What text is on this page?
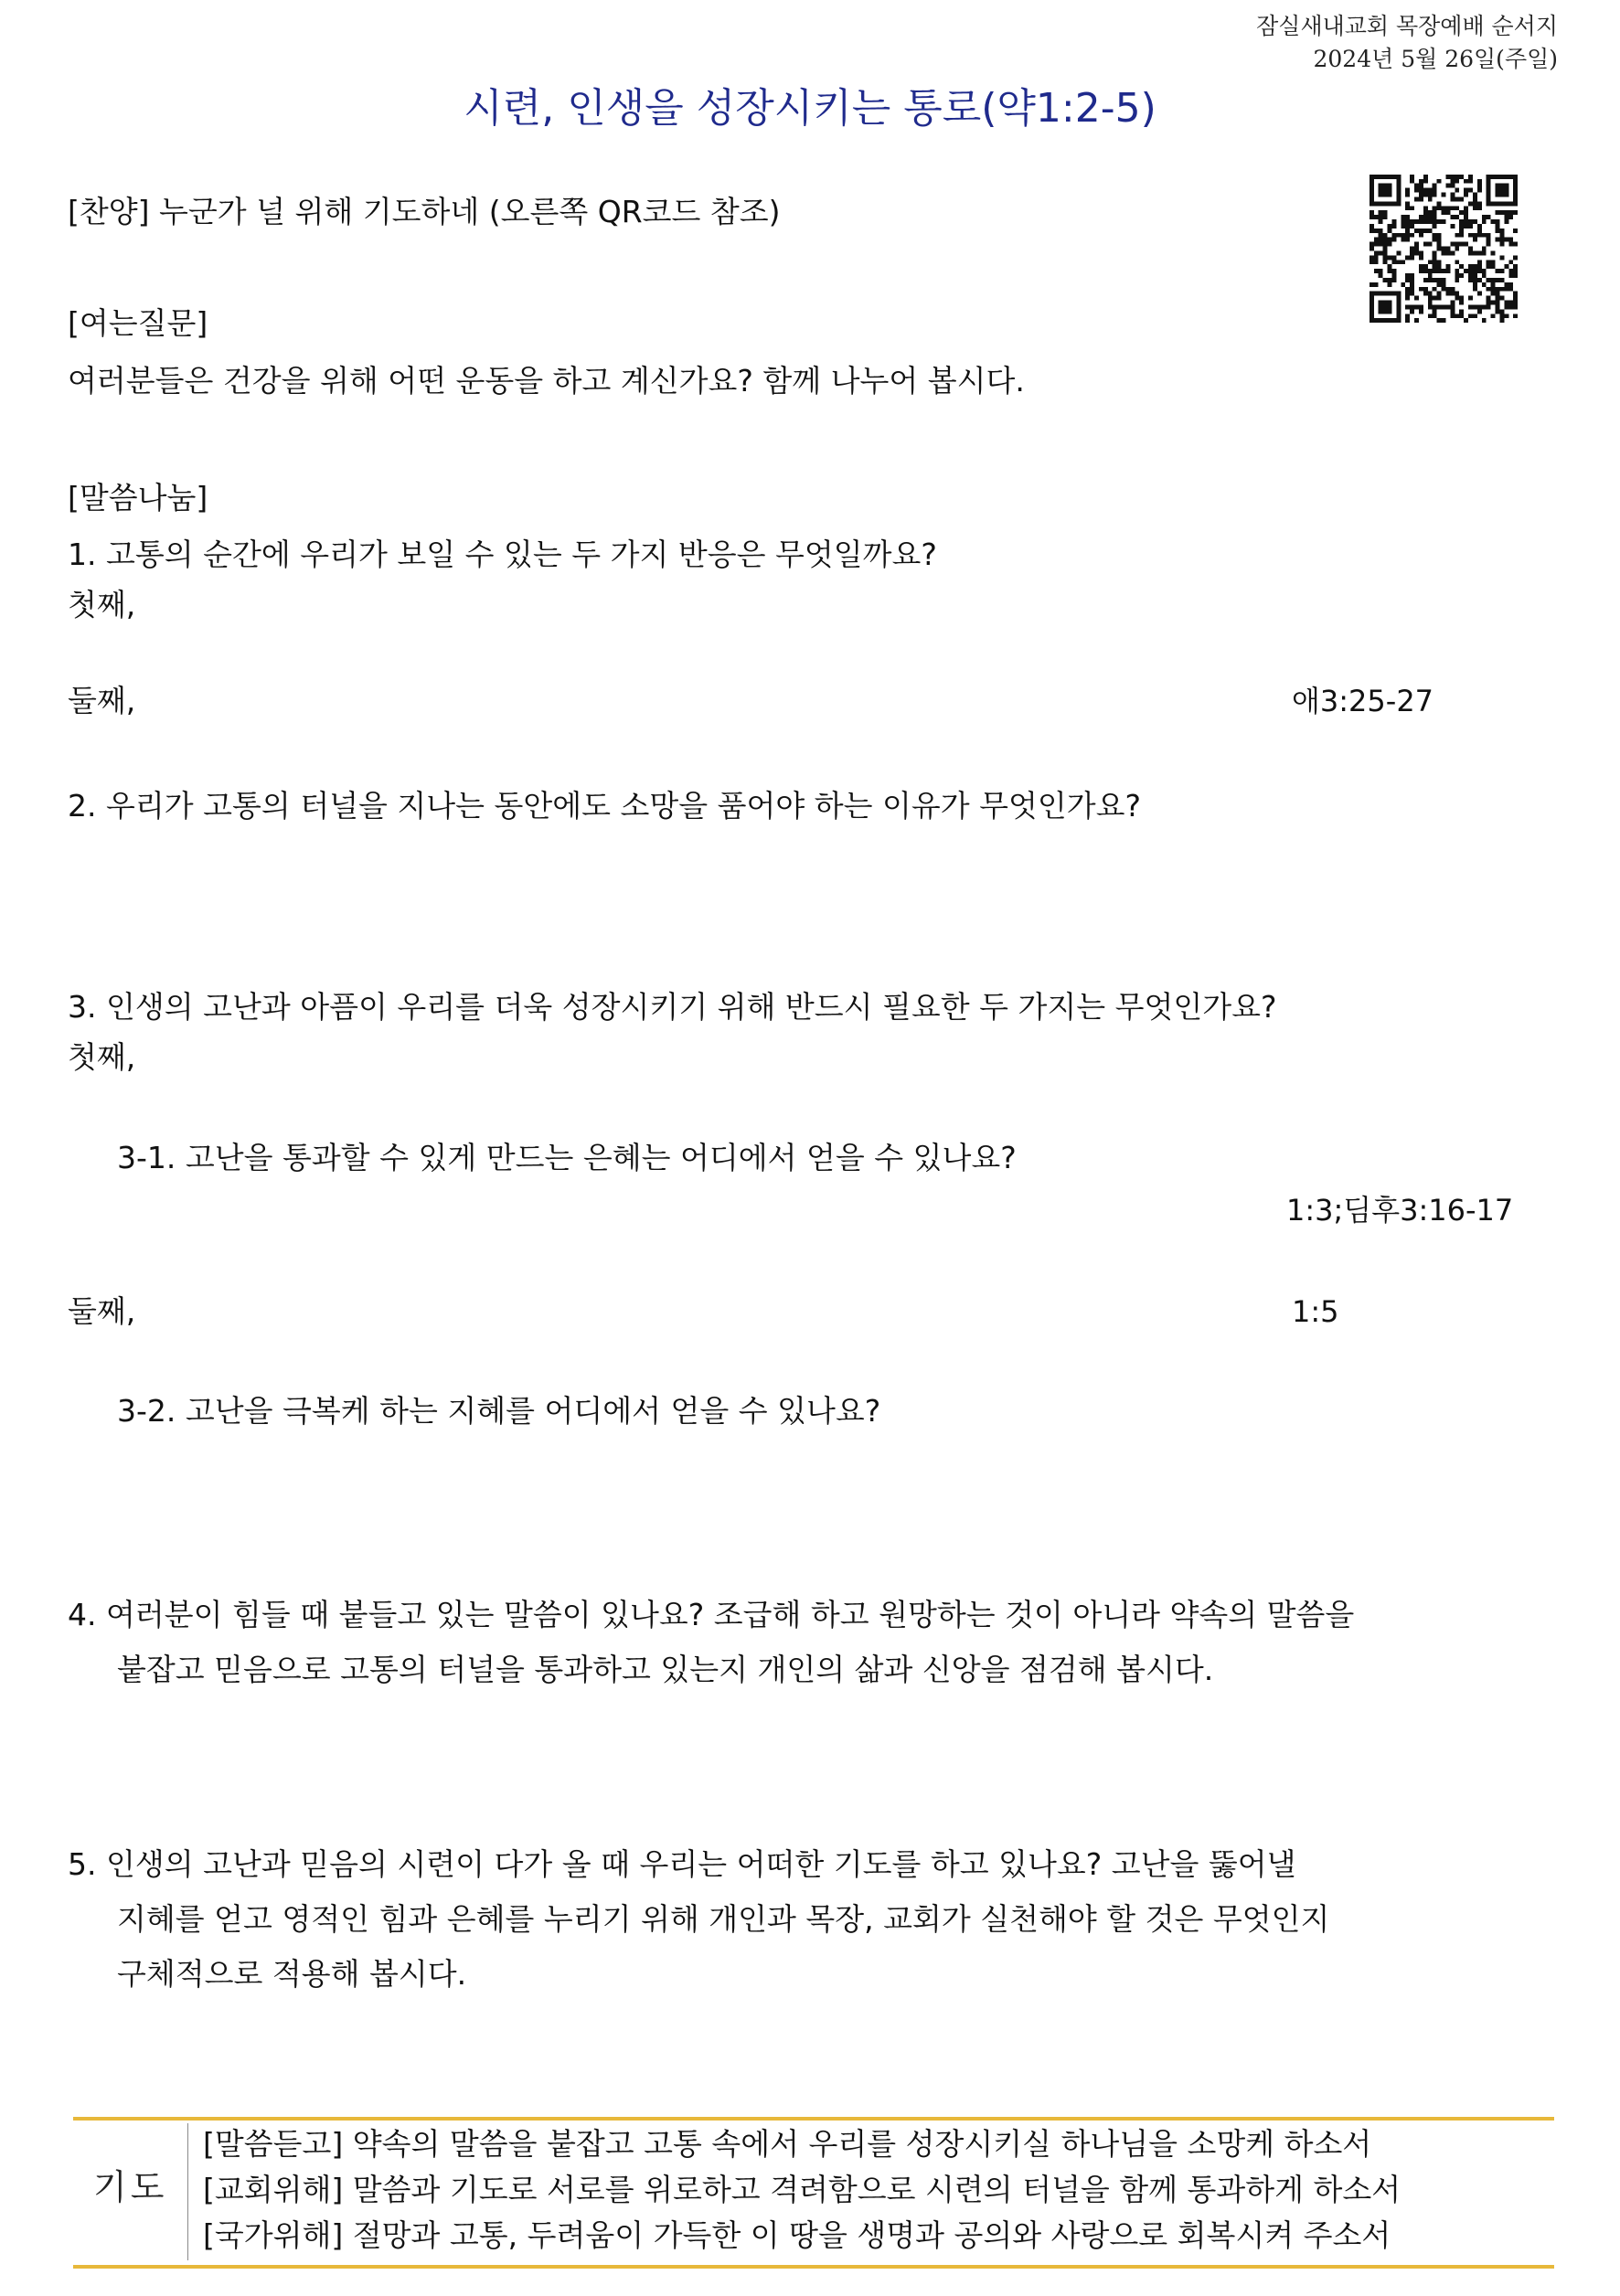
잠실새내교회 목장예배 순서지
2024년 5월 26일(주일)
시련, 인생을 성장시키는 통로(약1:2-5)
[찬양] 누군가 널 위해 기도하네 (오른쪽 QR코드 참조)
[여는질문]
여러분들은 건강을 위해 어떤 운동을 하고 계신가요? 함께 나누어 봅시다.
[말씀나눔]
1. 고통의 순간에 우리가 보일 수 있는 두 가지 반응은 무엇일까요?
첫째,
둘째,	애3:25-27
2. 우리가 고통의 터널을 지나는 동안에도 소망을 품어야 하는 이유가 무엇인가요?
3. 인생의 고난과 아픔이 우리를 더욱 성장시키기 위해 반드시 필요한 두 가지는 무엇인가요?
첫째,
3-1. 고난을 통과할 수 있게 만드는 은혜는 어디에서 얻을 수 있나요?
1:3;딤후3:16-17
둘째,	1:5
3-2. 고난을 극복케 하는 지혜를 어디에서 얻을 수 있나요?
4. 여러분이 힘들 때 붙들고 있는 말씀이 있나요? 조급해 하고 원망하는 것이 아니라 약속의 말씀을
붙잡고 믿음으로 고통의 터널을 통과하고 있는지 개인의 삶과 신앙을 점검해 봅시다.
5. 인생의 고난과 믿음의 시련이 다가 올 때 우리는 어떠한 기도를 하고 있나요? 고난을 뚫어낼
지혜를 얻고 영적인 힘과 은혜를 누리기 위해 개인과 목장, 교회가 실천해야 할 것은 무엇인지
구체적으로 적용해 봅시다.
기도
[말씀듣고] 약속의 말씀을 붙잡고 고통 속에서 우리를 성장시키실 하나님을 소망케 하소서
[교회위해] 말씀과 기도로 서로를 위로하고 격려함으로 시련의 터널을 함께 통과하게 하소서
[국가위해] 절망과 고통, 두려움이 가득한 이 땅을 생명과 공의와 사랑으로 회복시켜 주소서
